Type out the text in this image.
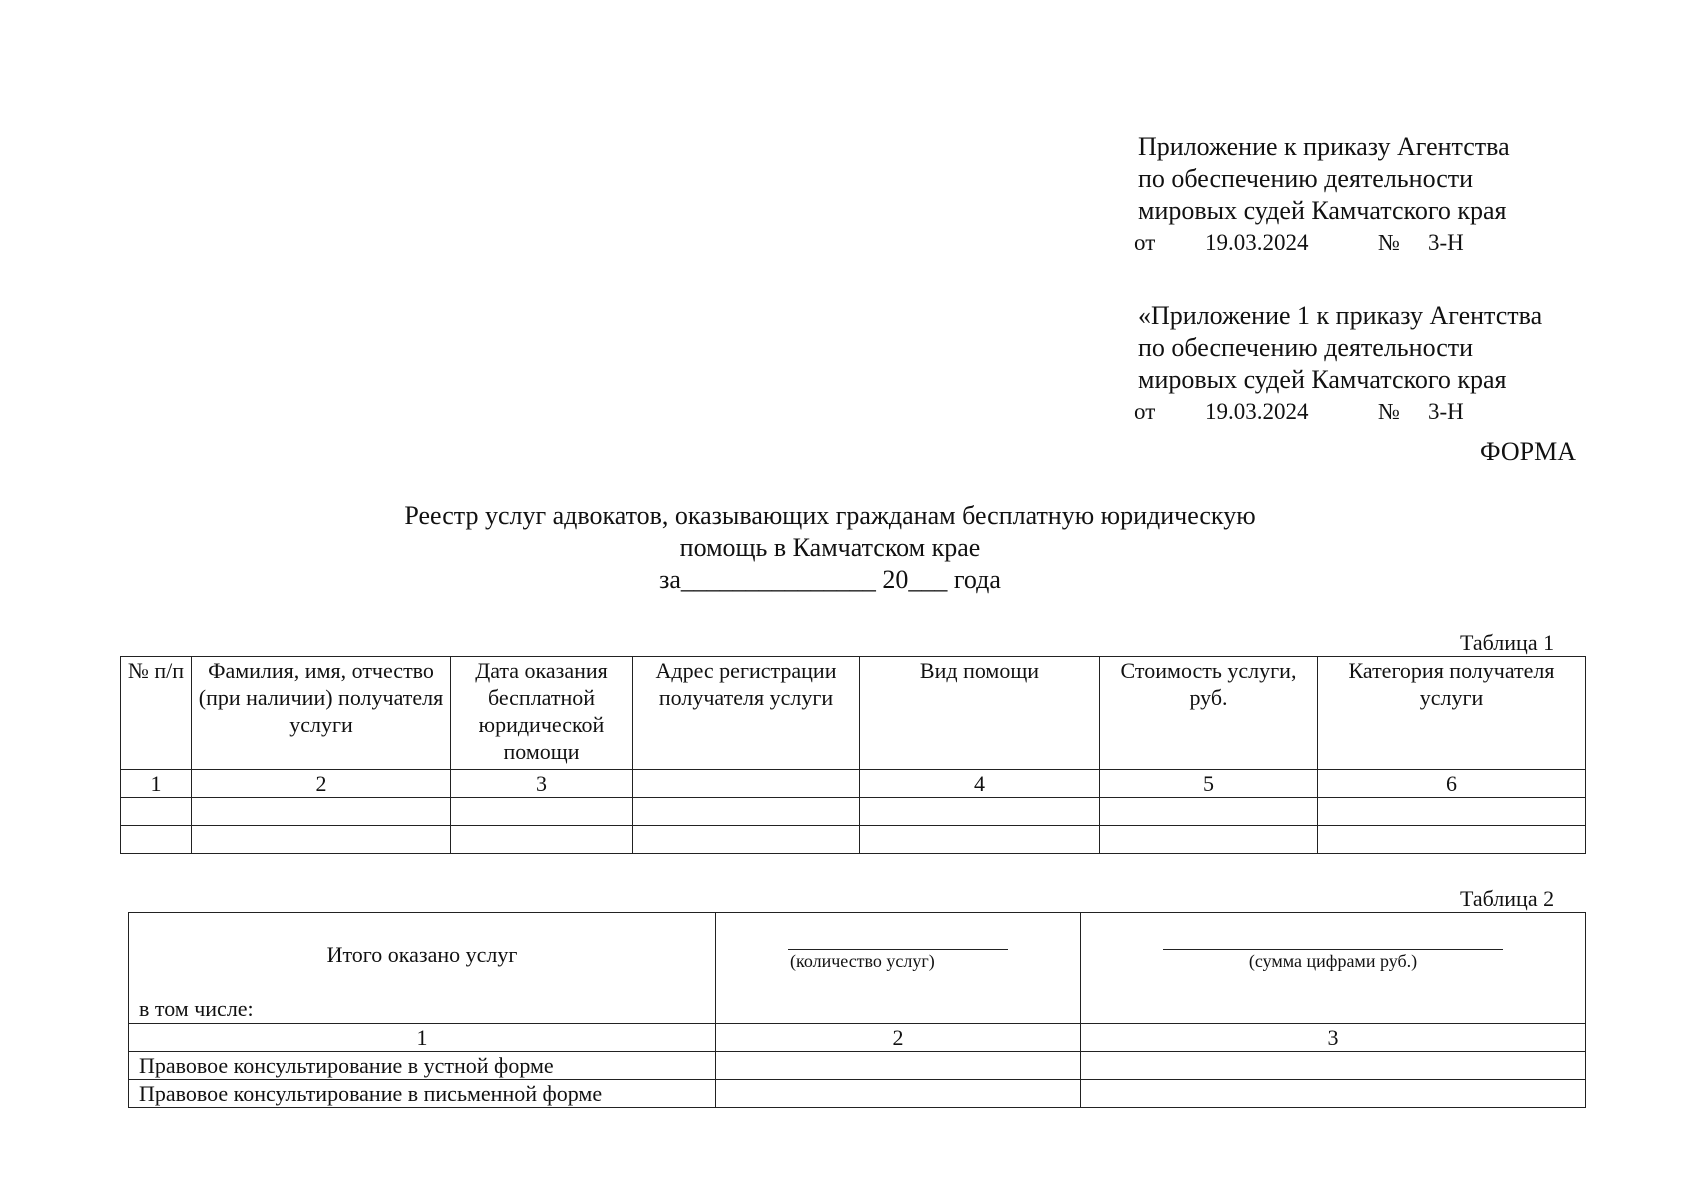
Приложение к приказу Агентства
по обеспечению деятельности
мировых судей Камчатского края
от 19.03.2024	№ 3-Н
«Приложение 1 к приказу Агентства
по обеспечению деятельности
мировых судей Камчатского края
от 19.03.2024	№ 3-Н
ФОРМА
Реестр услуг адвокатов, оказывающих гражданам бесплатную юридическую
помощь в Камчатском крае
за_______________ 20___ года
Таблица 1
№ п/п	Фамилия, имя, отчество (при наличии) получателя услуги	Дата оказания бесплатной юридической помощи	Адрес регистрации получателя услуги	Вид помощи	Стоимость услуги, руб.	Категория получателя услуги
1	2	3		4	5	6

Таблица 2
Итого оказано услуг
в том числе:	(количество услуг)	(сумма цифрами руб.)

1	2	3
Правовое консультирование в устной форме		
Правовое консультирование в письменной форме		
